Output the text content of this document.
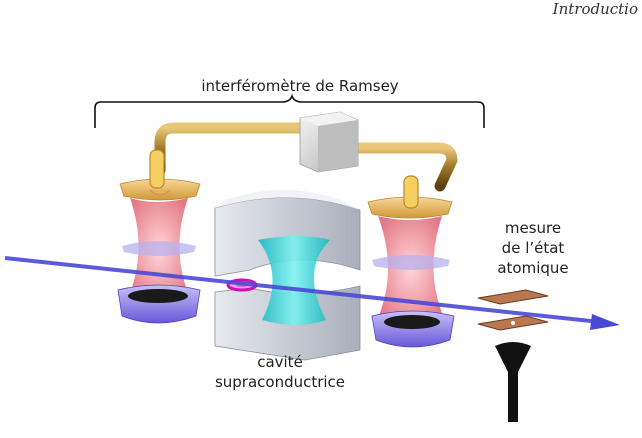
Introductio
interféromètre de Ramsey
mesure
de l’état
atomique
cavité
supraconductrice
